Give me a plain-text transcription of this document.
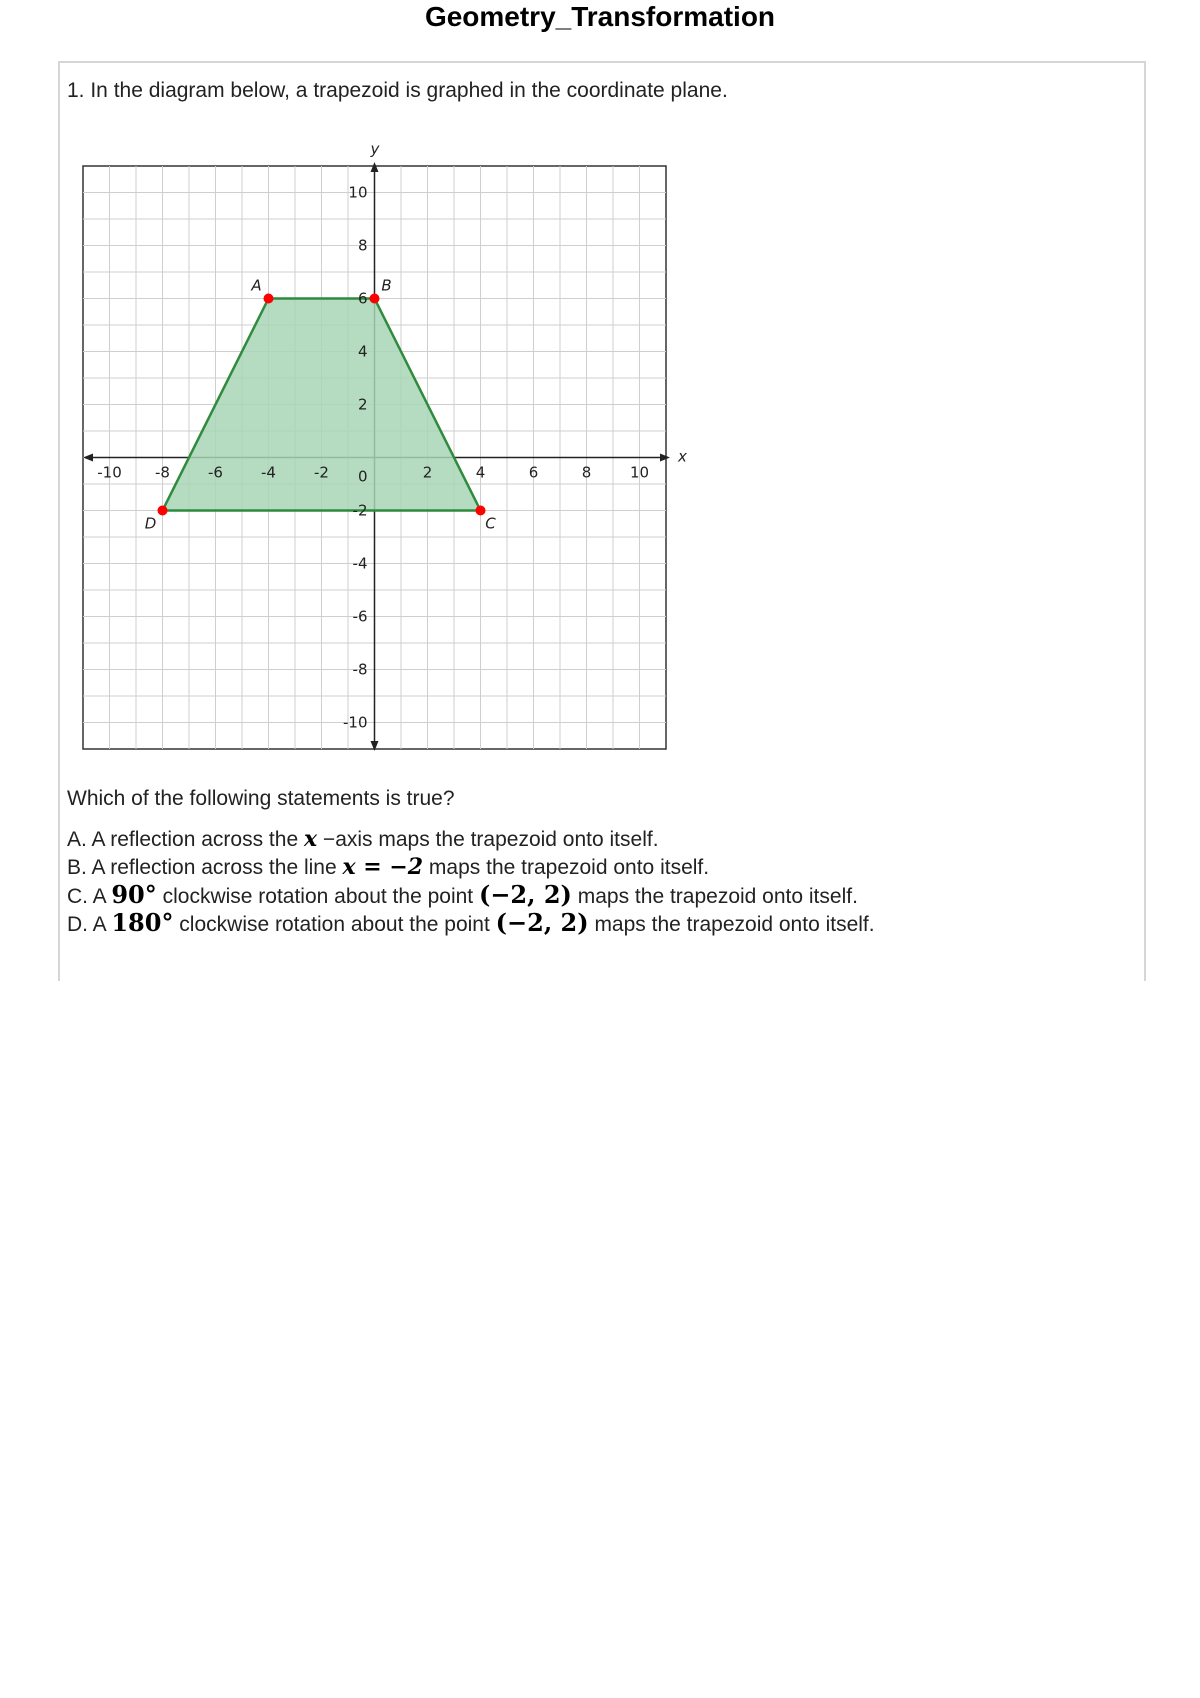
Geometry_Transformation
1. In the diagram below, a trapezoid is graphed in the coordinate plane.
x
y
-10 -8	-6	-4	-2	2	4	6	8	10
-10
-8
-6
-4
-2
2
4
6
8
10
0
A	B
C
D
Which of the following statements is true?
A. A reflection across the x −axis maps the trapezoid onto itself.
B. A reflection across the line x = −2 maps the trapezoid onto itself.
C. A 90° clockwise rotation about the point (−2, 2) maps the trapezoid onto itself.
D. A 180° clockwise rotation about the point (−2, 2) maps the trapezoid onto itself.
